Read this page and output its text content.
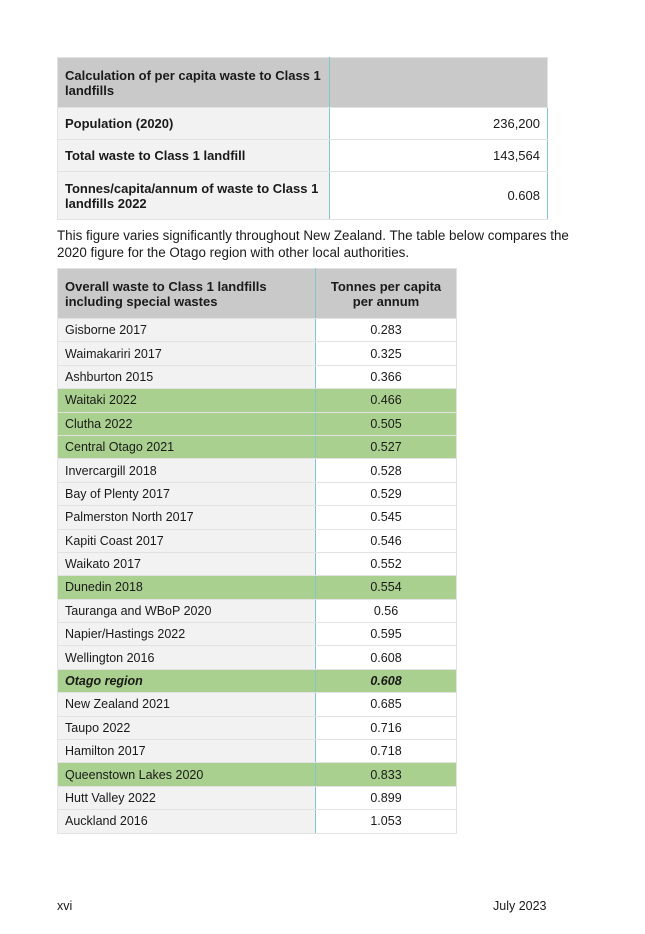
Calculation of per capita waste to Class 1 landfills	
Population (2020)	236,200
Total waste to Class 1 landfill	143,564
Tonnes/capita/annum of waste to Class 1 landfills 2022	0.608
This figure varies significantly throughout New Zealand. The table below compares the 2020 figure for the Otago region with other local authorities.
Overall waste to Class 1 landfills including special wastes	Tonnes per capita per annum
Gisborne 2017	0.283
Waimakariri 2017	0.325
Ashburton 2015	0.366
Waitaki 2022	0.466
Clutha 2022	0.505
Central Otago 2021	0.527
Invercargill 2018	0.528
Bay of Plenty 2017	0.529
Palmerston North 2017	0.545
Kapiti Coast 2017	0.546
Waikato 2017	0.552
Dunedin 2018	0.554
Tauranga and WBoP 2020	0.56
Napier/Hastings 2022	0.595
Wellington 2016	0.608
Otago region	0.608
New Zealand 2021	0.685
Taupo 2022	0.716
Hamilton 2017	0.718
Queenstown Lakes 2020	0.833
Hutt Valley 2022	0.899
Auckland 2016	1.053
xvi	July 2023
